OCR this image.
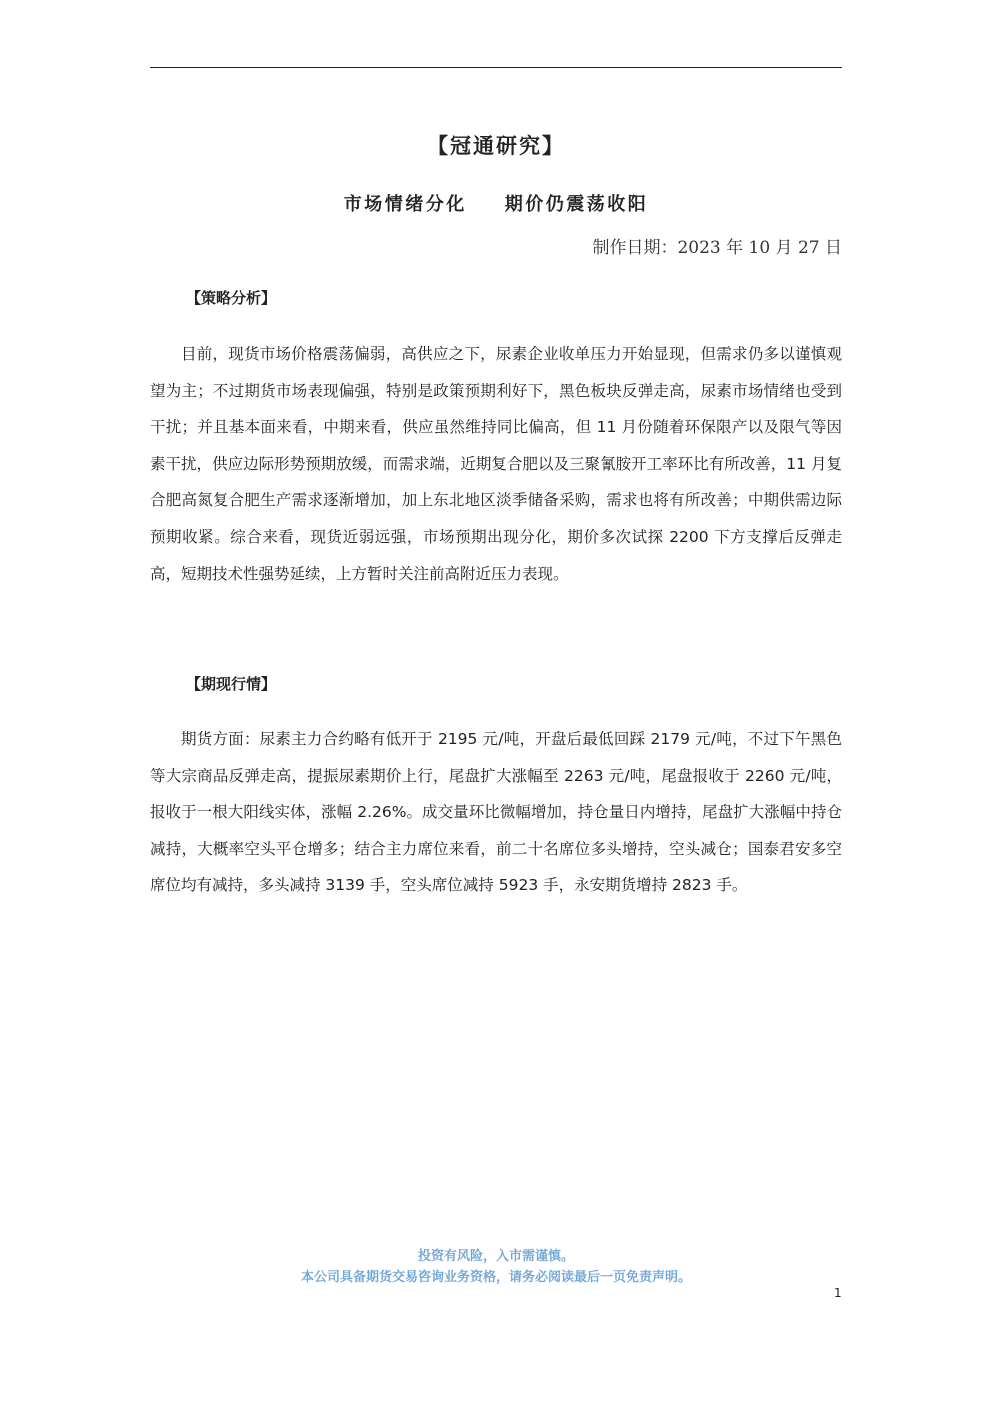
【冠通研究】
市场情绪分化 期价仍震荡收阳
制作日期：2023 年 10 月 27 日
【策略分析】

目前，现货市场价格震荡偏弱，高供应之下，尿素企业收单压力开始显现，但需求仍多以谨慎观望为主；不过期货市场表现偏强，特别是政策预期利好下，黑色板块反弹走高，尿素市场情绪也受到干扰；并且基本面来看，中期来看，供应虽然维持同比偏高，但 11 月份随着环保限产以及限气等因素干扰，供应边际形势预期放缓，而需求端，近期复合肥以及三聚氰胺开工率环比有所改善，11 月复合肥高氮复合肥生产需求逐渐增加，加上东北地区淡季储备采购，需求也将有所改善；中期供需边际预期收紧。综合来看，现货近弱远强，市场预期出现分化，期价多次试探 2200 下方支撑后反弹走高，短期技术性强势延续，上方暂时关注前高附近压力表现。

【期现行情】

期货方面：尿素主力合约略有低开于 2195 元/吨，开盘后最低回踩 2179 元/吨，不过下午黑色等大宗商品反弹走高，提振尿素期价上行，尾盘扩大涨幅至 2263 元/吨，尾盘报收于 2260 元/吨，报收于一根大阳线实体，涨幅 2.26%。成交量环比微幅增加，持仓量日内增持，尾盘扩大涨幅中持仓减持，大概率空头平仓增多；结合主力席位来看，前二十名席位多头增持，空头减仓；国泰君安多空席位均有减持，多头减持 3139 手，空头席位减持 5923 手，永安期货增持 2823 手。

投资有风险，入市需谨慎。
本公司具备期货交易咨询业务资格，请务必阅读最后一页免责声明。
1
